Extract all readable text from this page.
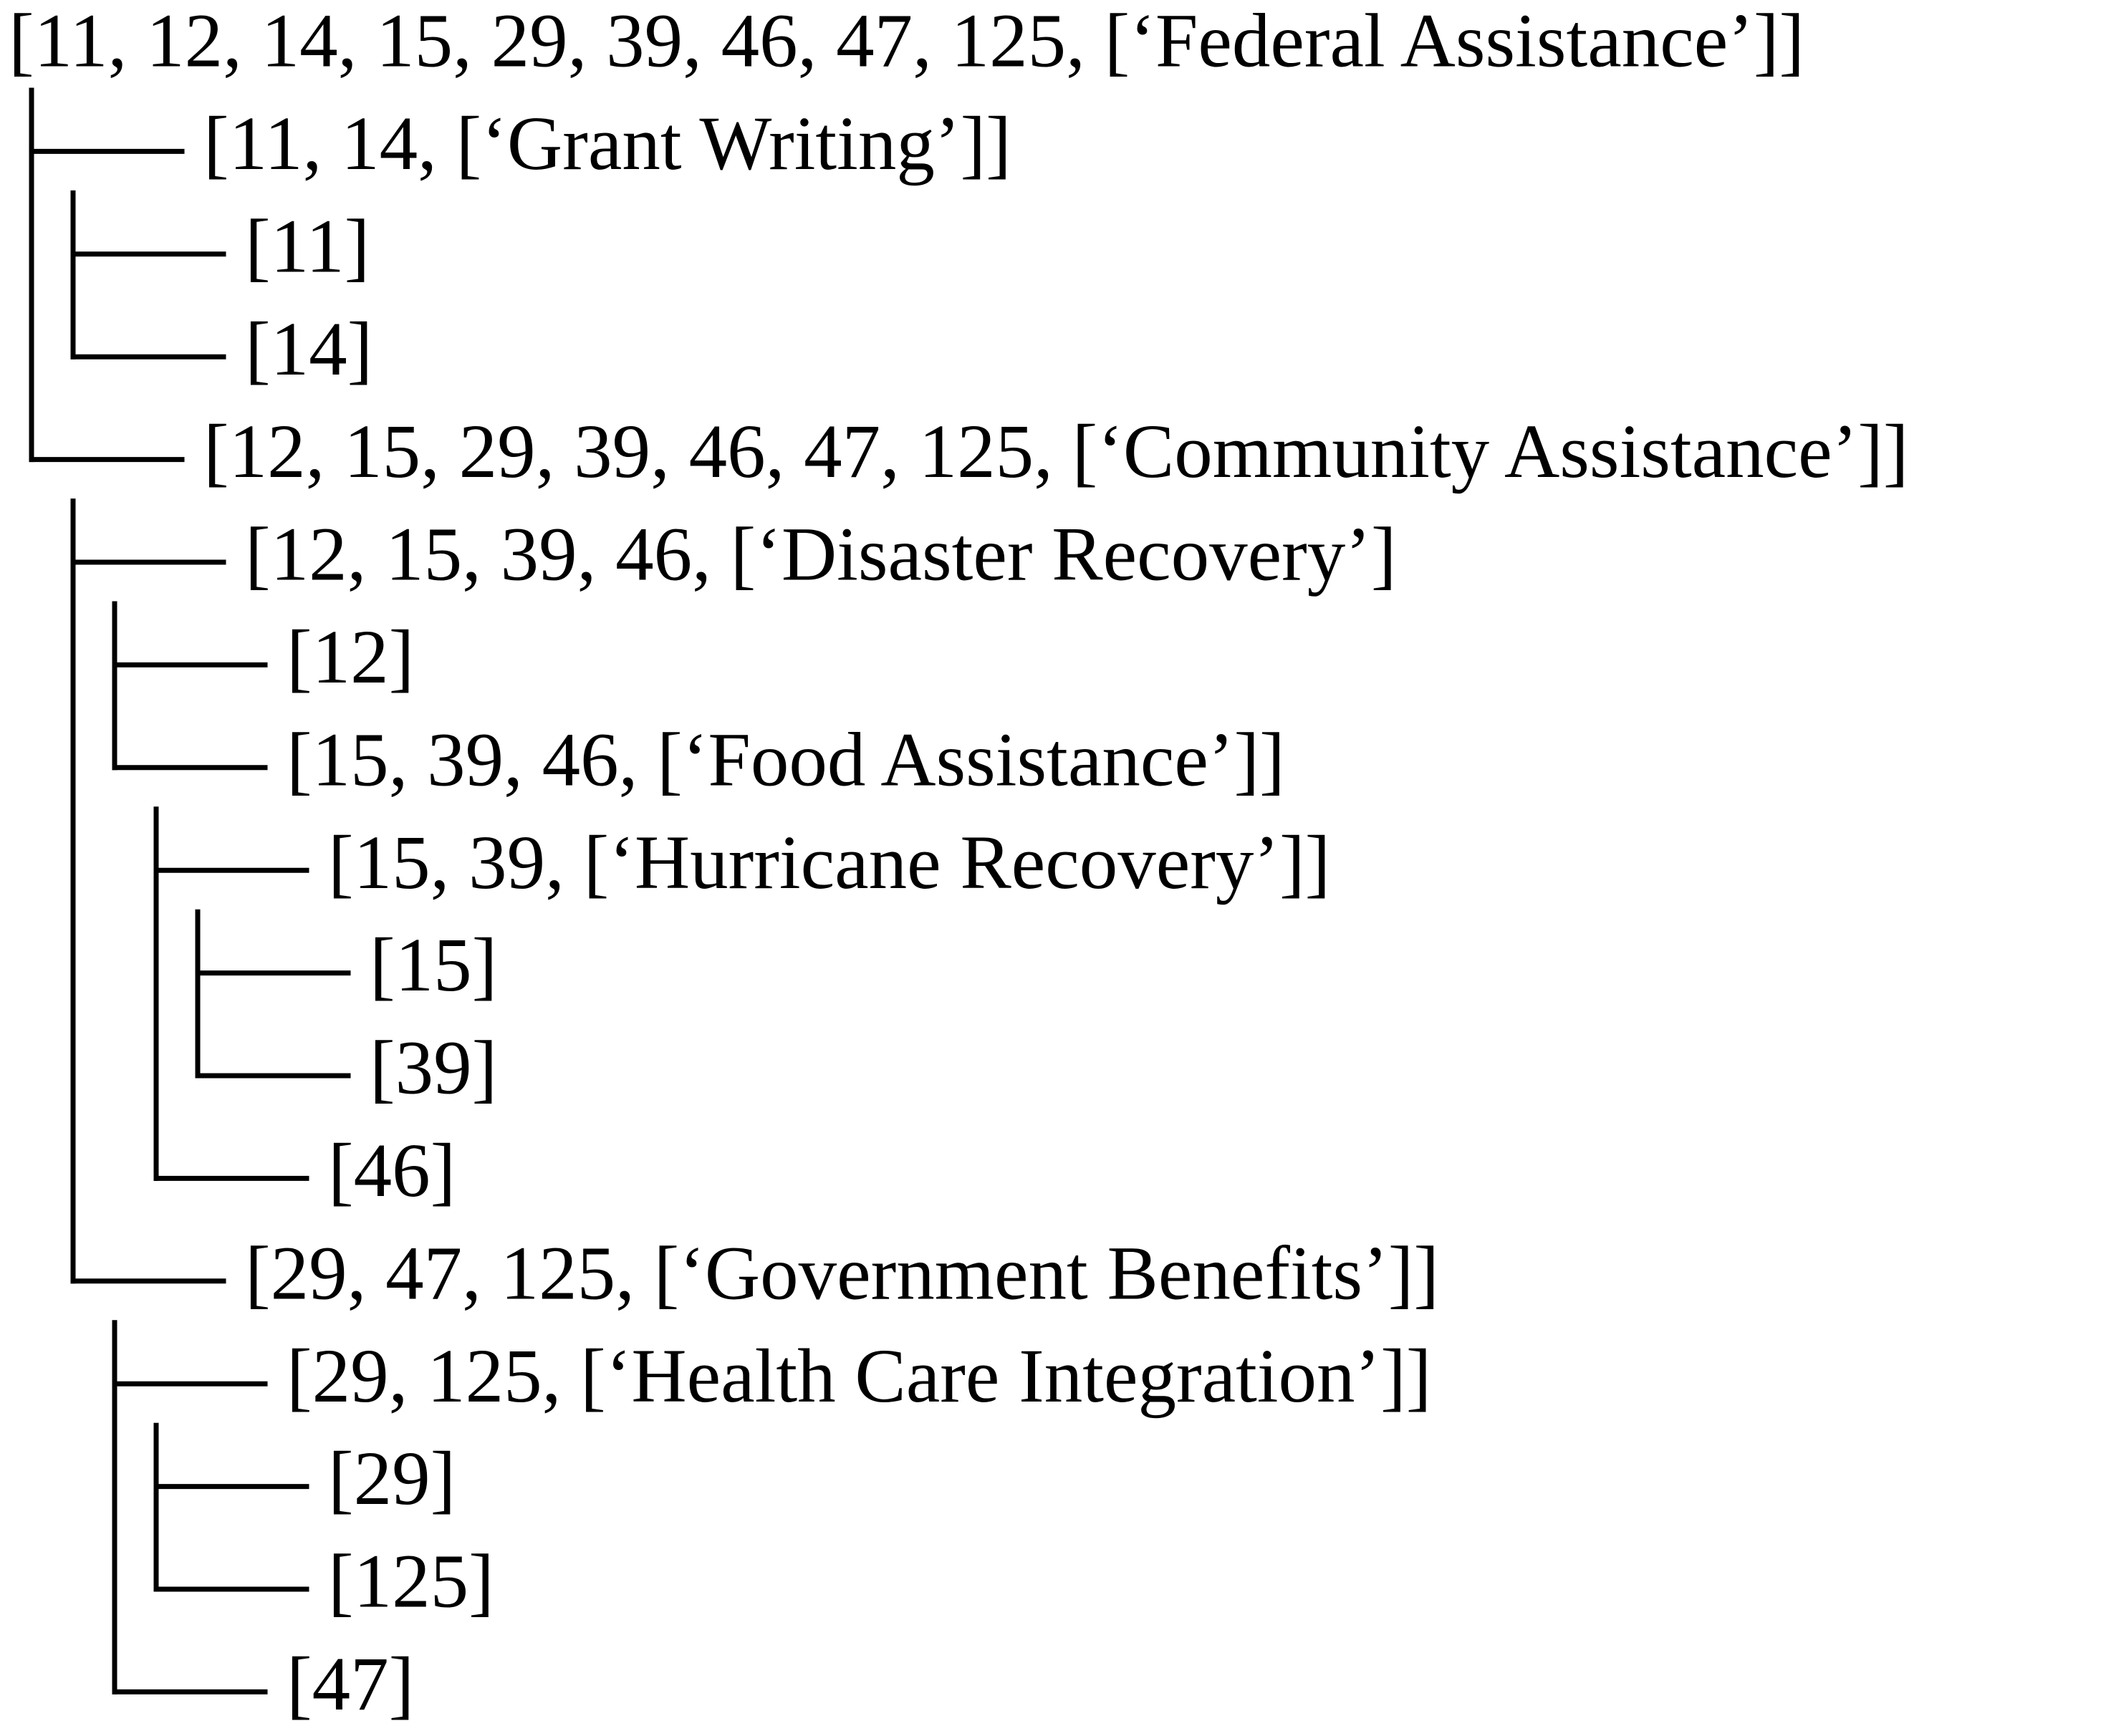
[11, 12, 14, 15, 29, 39, 46, 47, 125, [‘Federal Assistance’]]
[11, 14, [‘Grant Writing’]]
[11]
[14]
[12, 15, 29, 39, 46, 47, 125, [‘Community Assistance’]]
[12, 15, 39, 46, [‘Disaster Recovery’]
[12]
[15, 39, 46, [‘Food Assistance’]]
[15, 39, [‘Hurricane Recovery’]]
[15]
[39]
[46]
[29, 47, 125, [‘Government Benefits’]]
[29, 125, [‘Health Care Integration’]]
[29]
[125]
[47]
